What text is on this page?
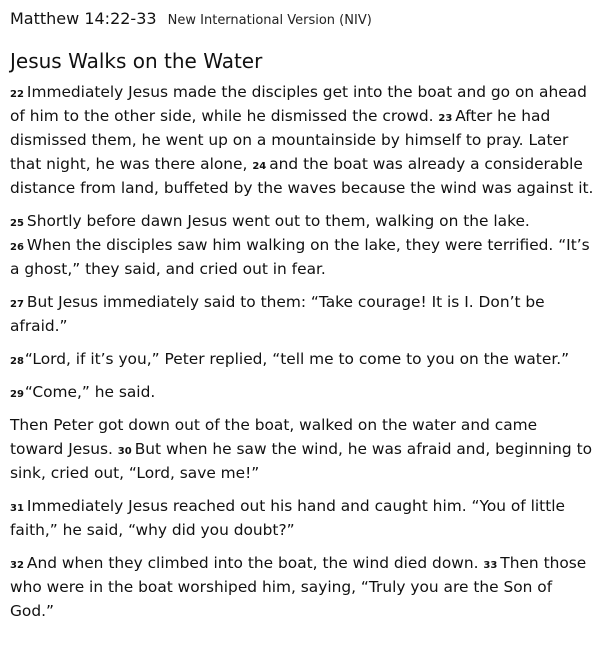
Matthew 14:22-33 New International Version (NIV)
Jesus Walks on the Water

$^{22}$ Immediately Jesus made the disciples get into the boat and go on ahead of him to the other side, while he dismissed the crowd. $^{23}$ After he had dismissed them, he went up on a mountainside by himself to pray. Later that night, he was there alone, $^{24}$ and the boat was already a considerable distance from land, buffeted by the waves because the wind was against it.

$^{25}$ Shortly before dawn Jesus went out to them, walking on the lake.
$^{26}$ When the disciples saw him walking on the lake, they were terrified. “It’s a ghost,” they said, and cried out in fear.

$^{27}$ But Jesus immediately said to them: “Take courage! It is I. Don’t be afraid.”

$^{28}$“Lord, if it’s you,” Peter replied, “tell me to come to you on the water.”

$^{29}$“Come,” he said.

Then Peter got down out of the boat, walked on the water and came toward Jesus. $^{30}$ But when he saw the wind, he was afraid and, beginning to sink, cried out, “Lord, save me!”

$^{31}$ Immediately Jesus reached out his hand and caught him. “You of little faith,” he said, “why did you doubt?”

$^{32}$ And when they climbed into the boat, the wind died down. $^{33}$ Then those who were in the boat worshiped him, saying, “Truly you are the Son of God.”
